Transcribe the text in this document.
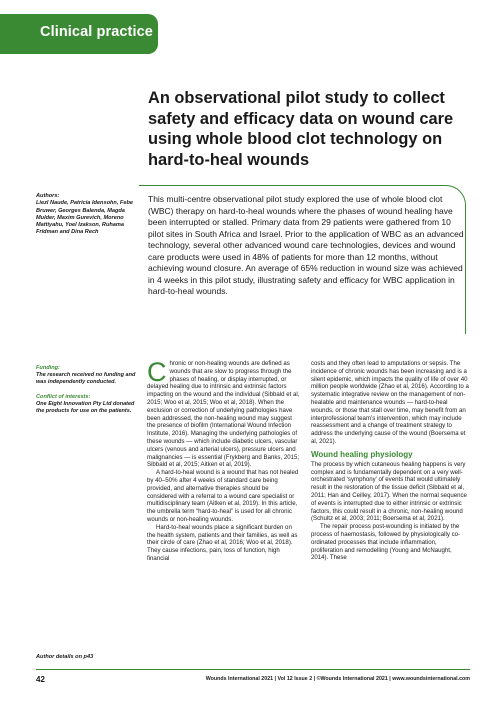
Clinical practice
An observational pilot study to collect safety and efficacy data on wound care using whole blood clot technology on hard-to-heal wounds

Authors:

Liezl Naude, Patricia Idensohn, Febe Bruwer, Georges Balenda, Magda Mulder, Maxim Gurevich, Moreno Mattiyahu, Yoel Izakson, Ruhama Fridman and Dina Rech

This multi-centre observational pilot study explored the use of whole blood clot (WBC) therapy on hard-to-heal wounds where the phases of wound healing have been interrupted or stalled. Primary data from 29 patients were gathered from 10 pilot sites in South Africa and Israel. Prior to the application of WBC as an advanced technology, several other advanced wound care technologies, devices and wound care products were used in 48% of patients for more than 12 months, without achieving wound closure. An average of 65% reduction in wound size was achieved in 4 weeks in this pilot study, illustrating safety and efficacy for WBC application in hard-to-heal wounds.

Funding:

The research received no funding and was independently conducted.

Conflict of interests:

One Eight Innovation Pty Ltd donated the products for use on the patients.

Author details on p43

Chronic or non-healing wounds are defined as wounds that are slow to progress through the phases of healing, or display interrupted, or delayed healing due to intrinsic and extrinsic factors impacting on the wound and the individual (Sibbald et al, 2015; Woo et al, 2015; Woo et al, 2018). When the exclusion or correction of underlying pathologies have been addressed, the non-healing wound may suggest the presence of biofilm (International Wound Infection Institute, 2016). Managing the underlying pathologies of these wounds — which include diabetic ulcers, vascular ulcers (venous and arterial ulcers), pressure ulcers and malignancies — is essential (Frykberg and Banks, 2015; Sibbald et al, 2015; Aitken et al, 2019).

A hard-to-heal wound is a wound that has not healed by 40–50% after 4 weeks of standard care being provided, and alternative therapies should be considered with a referral to a wound care specialist or multidisciplinary team (Aitken et al, 2019). In this article, the umbrella term “hard-to-heal” is used for all chronic wounds or non-healing wounds.

Hard-to-heal wounds place a significant burden on the health system, patients and their families, as well as their circle of care (Zhao et al, 2016; Woo et al, 2018). They cause infections, pain, loss of function, high financial

costs and they often lead to amputations or sepsis. The incidence of chronic wounds has been increasing and is a silent epidemic, which impacts the quality of life of over 40 million people worldwide (Zhao et al, 2016). According to a systematic integrative review on the management of non-healable and maintenance wounds — hard-to-heal wounds, or those that stall over time, may benefit from an interprofessional team’s intervention, which may include reassessment and a change of treatment strategy to address the underlying cause of the wound (Boersema et al, 2021).

Wound healing physiology

The process by which cutaneous healing happens is very complex and is fundamentally dependent on a very well-orchestrated ‘symphony’ of events that would ultimately result in the restoration of the tissue deficit (Sibbald et al, 2011; Han and Ceilley, 2017). When the normal sequence of events is interrupted due to either intrinsic or extrinsic factors, this could result in a chronic, non-healing wound (Schultz et al, 2003; 2011; Boersema et al, 2021).

The repair process post-wounding is initiated by the process of haemostasis, followed by physiologically co-ordinated processes that include inflammation, proliferation and remodelling (Young and McNaught, 2014). These

42	Wounds International 2021 | Vol 12 Issue 2 | ©Wounds International 2021 | www.woundsinternational.com
